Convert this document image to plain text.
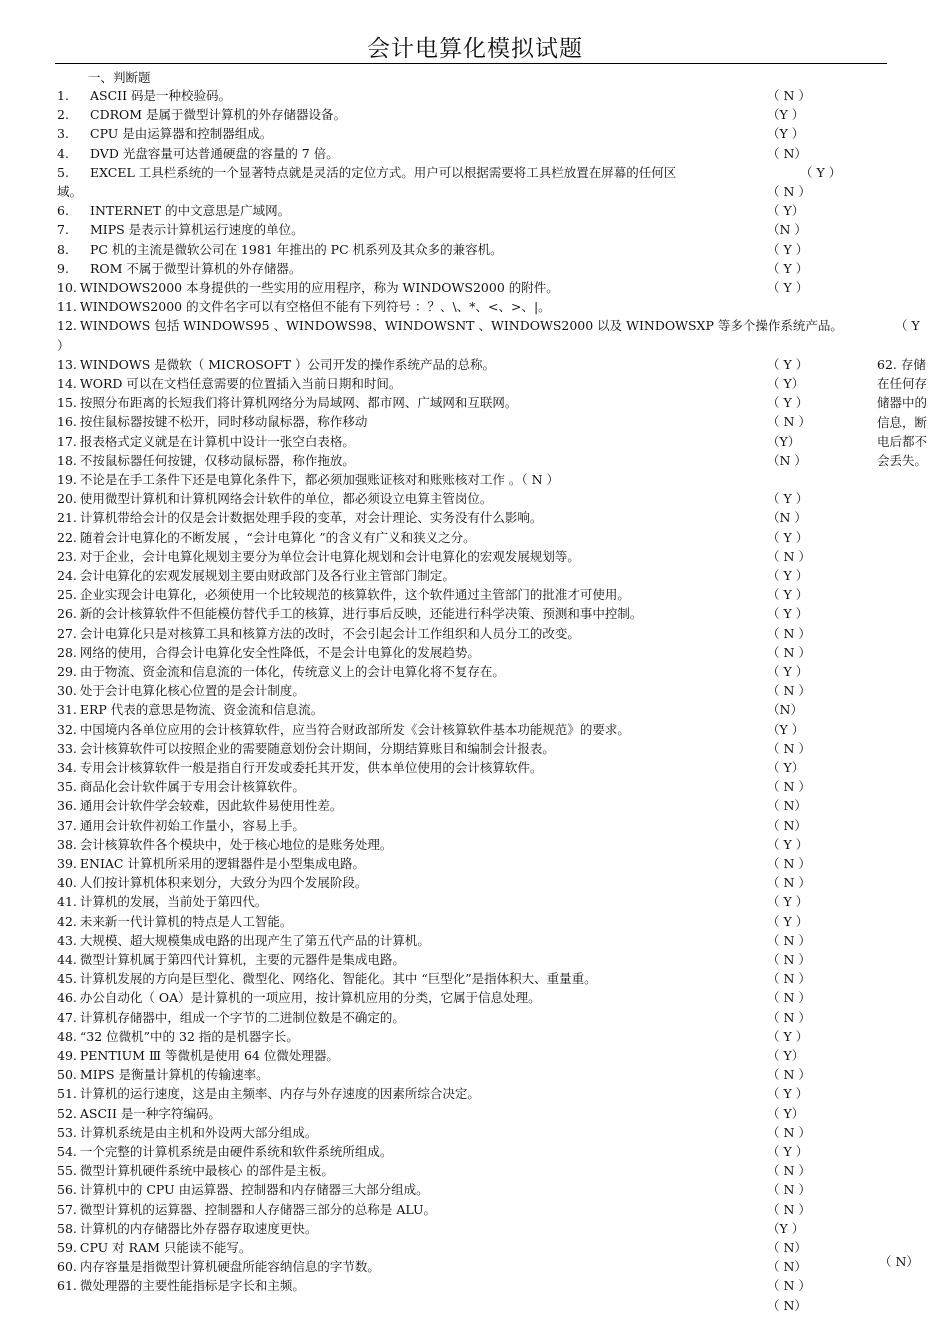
会计电算化模拟试题
一、判断题
1. ASCII 码是一种校验码。
2. CDROM 是属于微型计算机的外存储器设备。
3. CPU 是由运算器和控制器组成。
4. DVD 光盘容量可达普通硬盘的容量的 7 倍。
5. EXCEL 工具栏系统的一个显著特点就是灵活的定位方式。用户可以根据需要将工具栏放置在屏幕的任何区
域。
6. INTERNET 的中文意思是广域网。
7. MIPS 是表示计算机运行速度的单位。
8. PC 机的主流是微软公司在 1981 年推出的 PC 机系列及其众多的兼容机。
9. ROM 不属于微型计算机的外存储器。
10. WINDOWS2000 本身提供的一些实用的应用程序，称为 WINDOWS2000 的附件。
11. WINDOWS2000 的文件名字可以有空格但不能有下列符号 ：？、\、*、<、>、|。
12. WINDOWS 包括 WINDOWS95 、WINDOWS98、WINDOWSNT 、WINDOWS2000 以及 WINDOWSXP 等多个操作系统产品。
）
13. WINDOWS 是微软（ MICROSOFT ）公司开发的操作系统产品的总称。
14. WORD 可以在文档任意需要的位置插入当前日期和时间。
15. 按照分布距离的长短我们将计算机网络分为局域网、都市网、广域网和互联网。
16. 按住鼠标器按键不松开，同时移动鼠标器，称作移动
17. 报表格式定义就是在计算机中设计一张空白表格。
18. 不按鼠标器任何按键，仅移动鼠标器，称作拖放。
19. 不论是在手工条件下还是电算化条件下，都必须加强账证核对和账账核对工作 。（ N ）
20. 使用微型计算机和计算机网络会计软件的单位，都必须设立电算主管岗位。
21. 计算机带给会计的仅是会计数据处理手段的变革，对会计理论、实务没有什么影响。
22. 随着会计电算化的不断发展 ，“会计电算化 ”的含义有广义和狭义之分。
23. 对于企业，会计电算化规划主要分为单位会计电算化规划和会计电算化的宏观发展规划等。
24. 会计电算化的宏观发展规划主要由财政部门及各行业主管部门制定。
25. 企业实现会计电算化，必须使用一个比较规范的核算软件，这个软件通过主管部门的批准才可使用。
26. 新的会计核算软件不但能模仿替代手工的核算，进行事后反映，还能进行科学决策、预测和事中控制。
27. 会计电算化只是对核算工具和核算方法的改时，不会引起会计工作组织和人员分工的改变。
28. 网络的使用，合得会计电算化安全性降低，不是会计电算化的发展趋势。
29. 由于物流、资金流和信息流的一体化，传统意义上的会计电算化将不复存在。
30. 处于会计电算化核心位置的是会计制度。
31. ERP 代表的意思是物流、资金流和信息流。
32. 中国境内各单位应用的会计核算软件，应当符合财政部所发《会计核算软件基本功能规范》的要求。
33. 会计核算软件可以按照企业的需要随意划份会计期间，分期结算账目和编制会计报表。
34. 专用会计核算软件一般是指自行开发或委托其开发，供本单位使用的会计核算软件。
35. 商品化会计软件属于专用会计核算软件。
36. 通用会计软件学会较难，因此软件易使用性差。
37. 通用会计软件初始工作量小，容易上手。
38. 会计核算软件各个模块中，处于核心地位的是账务处理。
39. ENIAC 计算机所采用的逻辑器件是小型集成电路。
40. 人们按计算机体积来划分，大致分为四个发展阶段。
41. 计算机的发展，当前处于第四代。
42. 未来新一代计算机的特点是人工智能。
43. 大规模、超大规模集成电路的出现产生了第五代产品的计算机。
44. 微型计算机属于第四代计算机，主要的元器件是集成电路。
45. 计算机发展的方向是巨型化、微型化、网络化、智能化。其中 “巨型化”是指体积大、重量重。
46. 办公自动化（ OA）是计算机的一项应用，按计算机应用的分类，它属于信息处理。
47. 计算机存储器中，组成一个字节的二进制位数是不确定的。
48. “32 位微机”中的 32 指的是机器字长。
49. PENTIUM Ⅲ 等微机是使用 64 位微处理器。
50. MIPS 是衡量计算机的传输速率。
51. 计算机的运行速度，这是由主频率、内存与外存速度的因素所综合决定。
52. ASCII 是一种字符编码。
53. 计算机系统是由主机和外设两大部分组成。
54. 一个完整的计算机系统是由硬件系统和软件系统所组成。
55. 微型计算机硬件系统中最核心 的部件是主板。
56. 计算机中的 CPU 由运算器、控制器和内存储器三大部分组成。
57. 微型计算机的运算器、控制器和人存储器三部分的总称是 ALU。
58. 计算机的内存储器比外存器存取速度更快。
59. CPU 对 RAM 只能读不能写。
60. 内存容量是指微型计算机硬盘所能容纳信息的字节数。
61. 微处理器的主要性能指标是字长和主频。
（ N ）
（Y ）
（Y ）
（ N）
（ Y ）
（ N ）
（ Y）
（N ）
（ Y ）
（ Y ）
（ Y ）
（ Y
（ Y ）
（ Y）
（ Y ）
（ N ）
（Y）
（N ）
（ Y ）
（N ）
（ Y ）
（ N ）
（ Y ）
（ Y ）
（ Y ）
（ N ）
（ N ）
（ Y ）
（ N ）
（N）
（Y ）
（ N ）
（ Y）
（ N ）
（ N）
（ N）
（ Y ）
（ N ）
（ N ）
（ Y ）
（ Y ）
（ N ）
（ N ）
（ N ）
（ N ）
（ N ）
（ Y ）
（ Y）
（ N ）
（ Y ）
（ Y）
（ N ）
（ Y ）
（ N ）
（ N ）
（ N ）
（Y ）
（ N）
（ N）
（ N ）
（ N）
62. 存储
在任何存
储器中的
信息，断
电后都不
会丢失。
（ N）
